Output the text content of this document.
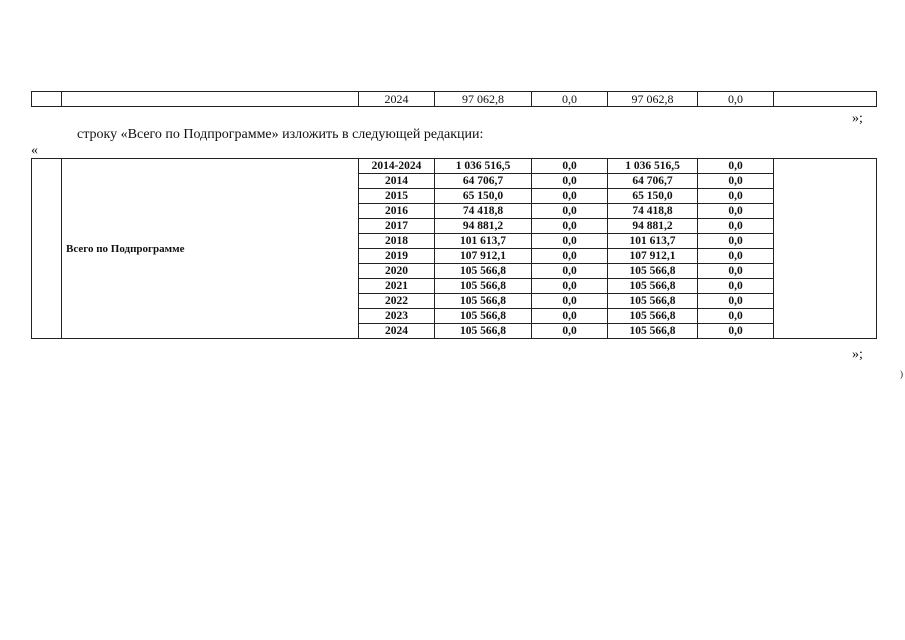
		2024	97 062,8	0,0	97 062,8	0,0	
»;
строку «Всего по Подпрограмме» изложить в следующей редакции:
«
	Всего по Подпрограмме	2014-2024	1 036 516,5	0,0	1 036 516,5	0,0	
		2014	64 706,7	0,0	64 706,7	0,0	
		2015	65 150,0	0,0	65 150,0	0,0	
		2016	74 418,8	0,0	74 418,8	0,0	
		2017	94 881,2	0,0	94 881,2	0,0	
		2018	101 613,7	0,0	101 613,7	0,0	
		2019	107 912,1	0,0	107 912,1	0,0	
		2020	105 566,8	0,0	105 566,8	0,0	
		2021	105 566,8	0,0	105 566,8	0,0	
		2022	105 566,8	0,0	105 566,8	0,0	
		2023	105 566,8	0,0	105 566,8	0,0	
		2024	105 566,8	0,0	105 566,8	0,0	
»;
)
